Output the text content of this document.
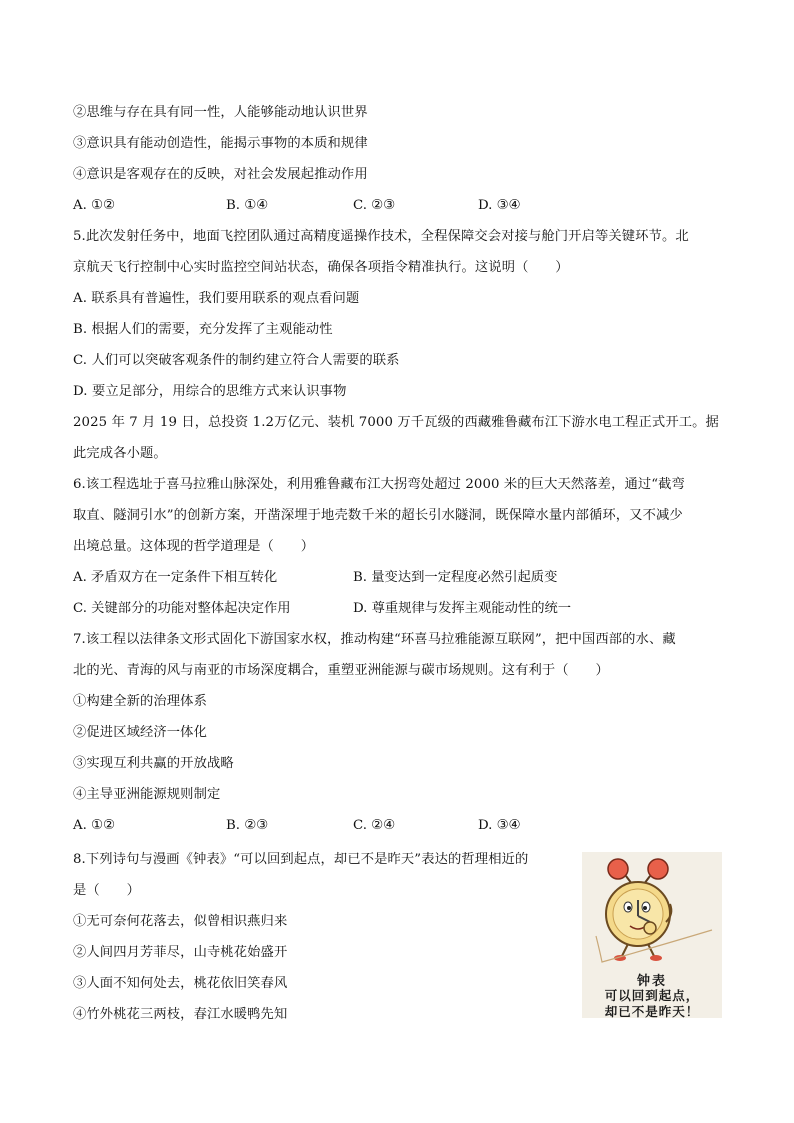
②思维与存在具有同一性，人能够能动地认识世界
③意识具有能动创造性，能揭示事物的本质和规律
④意识是客观存在的反映，对社会发展起推动作用
A. ①②	B. ①④	C. ②③	D. ③④
5.此次发射任务中，地面飞控团队通过高精度遥操作技术，全程保障交会对接与舱门开启等关键环节。北
京航天飞行控制中心实时监控空间站状态，确保各项指令精准执行。这说明（　　）
A. 联系具有普遍性，我们要用联系的观点看问题
B. 根据人们的需要，充分发挥了主观能动性
C. 人们可以突破客观条件的制约建立符合人需要的联系
D. 要立足部分，用综合的思维方式来认识事物
2025 年 7 月 19 日，总投资 1.2万亿元、装机 7000 万千瓦级的西藏雅鲁藏布江下游水电工程正式开工。据
此完成各小题。
6.该工程选址于喜马拉雅山脉深处，利用雅鲁藏布江大拐弯处超过 2000 米的巨大天然落差，通过“截弯
取直、隧洞引水”的创新方案，开凿深埋于地壳数千米的超长引水隧洞，既保障水量内部循环，又不减少
出境总量。这体现的哲学道理是（　　）
A. 矛盾双方在一定条件下相互转化	B. 量变达到一定程度必然引起质变
C. 关键部分的功能对整体起决定作用	D. 尊重规律与发挥主观能动性的统一
7.该工程以法律条文形式固化下游国家水权，推动构建“环喜马拉雅能源互联网”，把中国西部的水、藏
北的光、青海的风与南亚的市场深度耦合，重塑亚洲能源与碳市场规则。这有利于（　　）
①构建全新的治理体系
②促进区域经济一体化
③实现互利共赢的开放战略
④主导亚洲能源规则制定
A. ①②	B. ②③	C. ②④	D. ③④
8.下列诗句与漫画《钟表》“可以回到起点，却已不是昨天”表达的哲理相近的
是（　　）
①无可奈何花落去，似曾相识燕归来
②人间四月芳菲尽，山寺桃花始盛开
③人面不知何处去，桃花依旧笑春风
④竹外桃花三两枝，春江水暖鸭先知
钟表
可以回到起点，
却已不是昨天！
